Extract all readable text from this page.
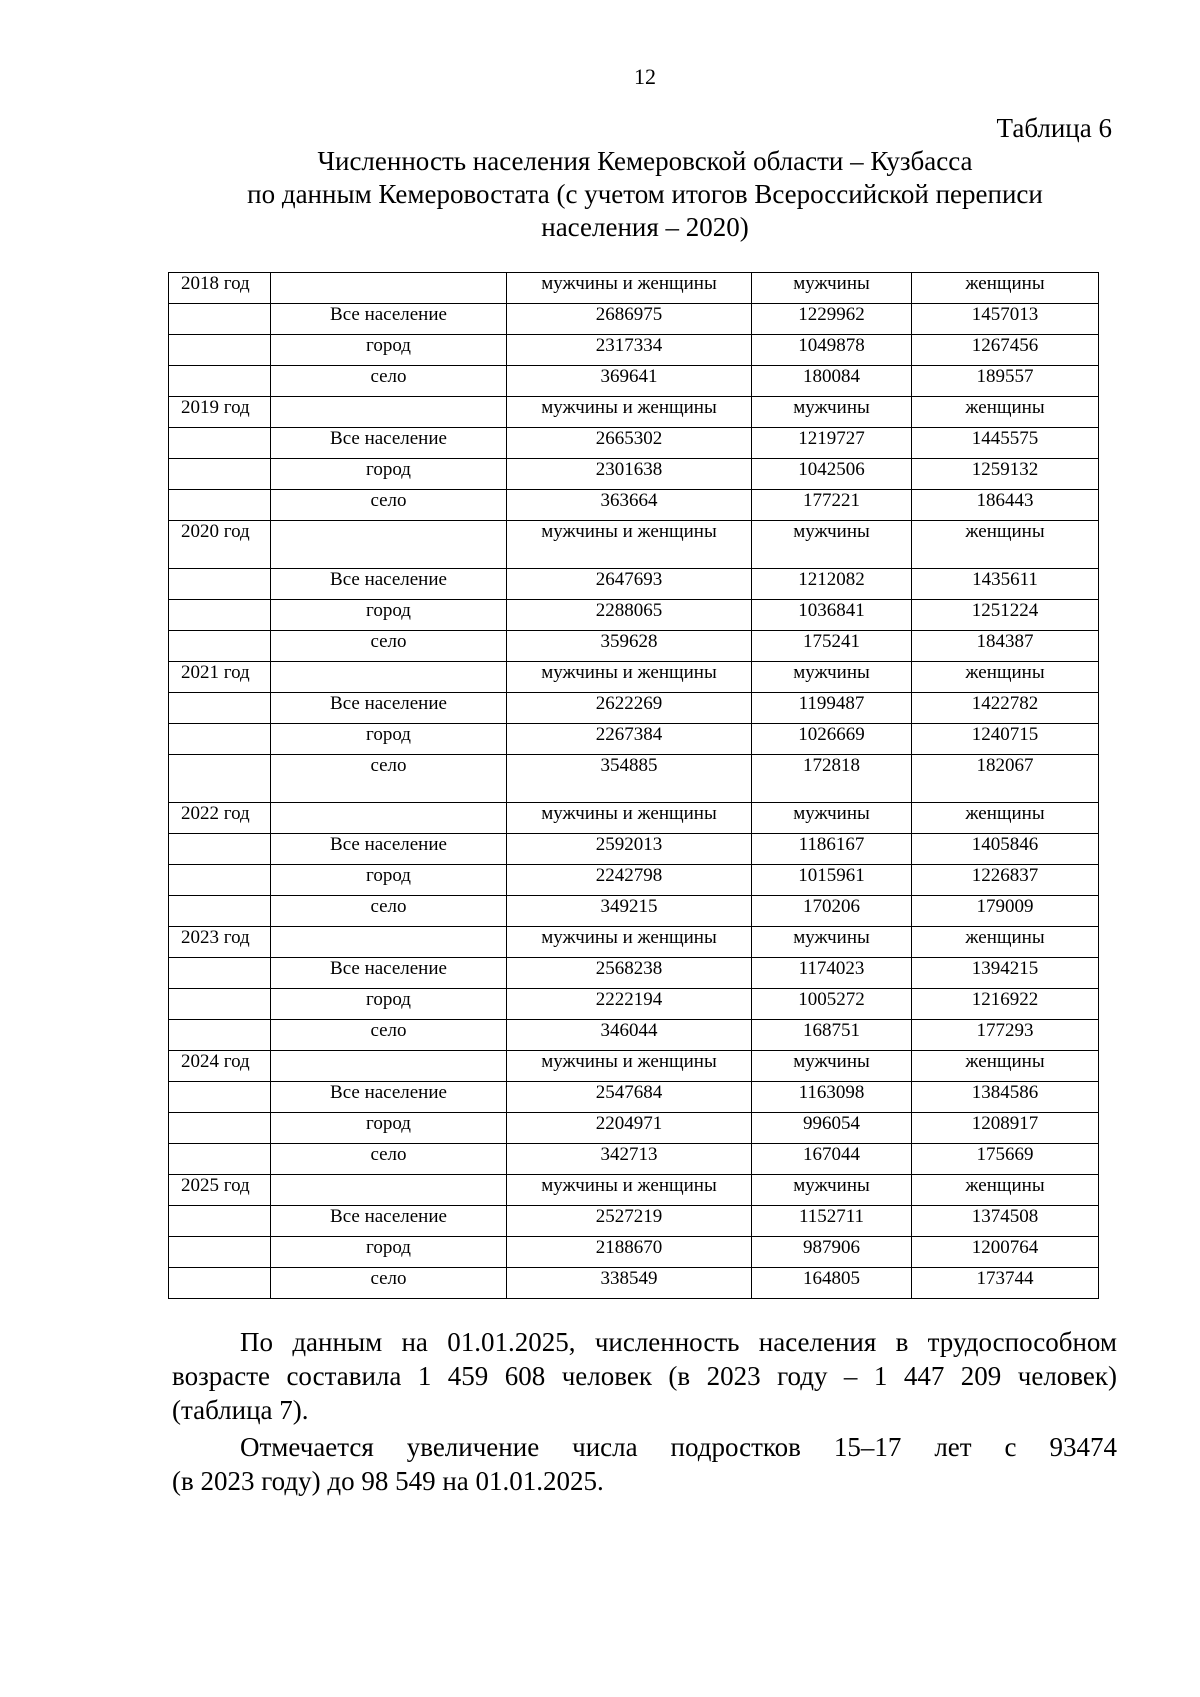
12
Таблица 6
Численность населения Кемеровской области – Кузбасса
по данным Кемеровостата (с учетом итогов Всероссийской переписи
населения – 2020)
2018 год		мужчины и женщины	мужчины	женщины
	Все население	2686975	1229962	1457013
	город	2317334	1049878	1267456
	село	369641	180084	189557
2019 год		мужчины и женщины	мужчины	женщины
	Все население	2665302	1219727	1445575
	город	2301638	1042506	1259132
	село	363664	177221	186443
2020 год		мужчины и женщины	мужчины	женщины
	Все население	2647693	1212082	1435611
	город	2288065	1036841	1251224
	село	359628	175241	184387
2021 год		мужчины и женщины	мужчины	женщины
	Все население	2622269	1199487	1422782
	город	2267384	1026669	1240715
	село	354885	172818	182067
2022 год		мужчины и женщины	мужчины	женщины
	Все население	2592013	1186167	1405846
	город	2242798	1015961	1226837
	село	349215	170206	179009
2023 год		мужчины и женщины	мужчины	женщины
	Все население	2568238	1174023	1394215
	город	2222194	1005272	1216922
	село	346044	168751	177293
2024 год		мужчины и женщины	мужчины	женщины
	Все население	2547684	1163098	1384586
	город	2204971	996054	1208917
	село	342713	167044	175669
2025 год		мужчины и женщины	мужчины	женщины
	Все население	2527219	1152711	1374508
	город	2188670	987906	1200764
	село	338549	164805	173744
По данным на 01.01.2025, численность населения в трудоспособном
возрасте составила 1 459 608 человек (в 2023 году – 1 447 209 человек)
(таблица 7).
Отмечается увеличение числа подростков 15–17 лет с 93474
(в 2023 году) до 98 549 на 01.01.2025.
